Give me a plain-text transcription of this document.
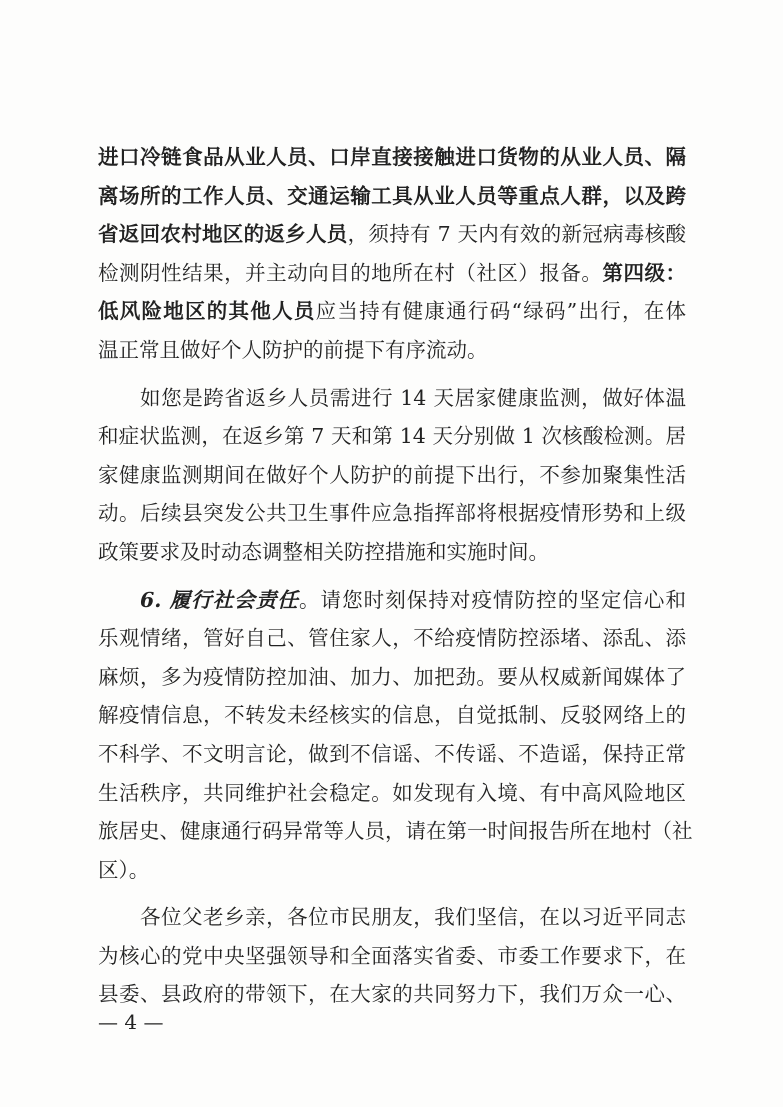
进口冷链食品从业人员、口岸直接接触进口货物的从业人员、隔
离场所的工作人员、交通运输工具从业人员等重点人群，以及跨
省返回农村地区的返乡人员，须持有 7 天内有效的新冠病毒核酸
检测阴性结果，并主动向目的地所在村（社区）报备。第四级：
低风险地区的其他人员应当持有健康通行码“绿码”出行，在体
温正常且做好个人防护的前提下有序流动。
如您是跨省返乡人员需进行 14 天居家健康监测，做好体温
和症状监测，在返乡第 7 天和第 14 天分别做 1 次核酸检测。居
家健康监测期间在做好个人防护的前提下出行，不参加聚集性活
动。后续县突发公共卫生事件应急指挥部将根据疫情形势和上级
政策要求及时动态调整相关防控措施和实施时间。
6. 履行社会责任。请您时刻保持对疫情防控的坚定信心和
乐观情绪，管好自己、管住家人，不给疫情防控添堵、添乱、添
麻烦，多为疫情防控加油、加力、加把劲。要从权威新闻媒体了
解疫情信息，不转发未经核实的信息，自觉抵制、反驳网络上的
不科学、不文明言论，做到不信谣、不传谣、不造谣，保持正常
生活秩序，共同维护社会稳定。如发现有入境、有中高风险地区
旅居史、健康通行码异常等人员，请在第一时间报告所在地村（社
区）。
各位父老乡亲，各位市民朋友，我们坚信，在以习近平同志
为核心的党中央坚强领导和全面落实省委、市委工作要求下，在
县委、县政府的带领下，在大家的共同努力下，我们万众一心、
— 4 —
